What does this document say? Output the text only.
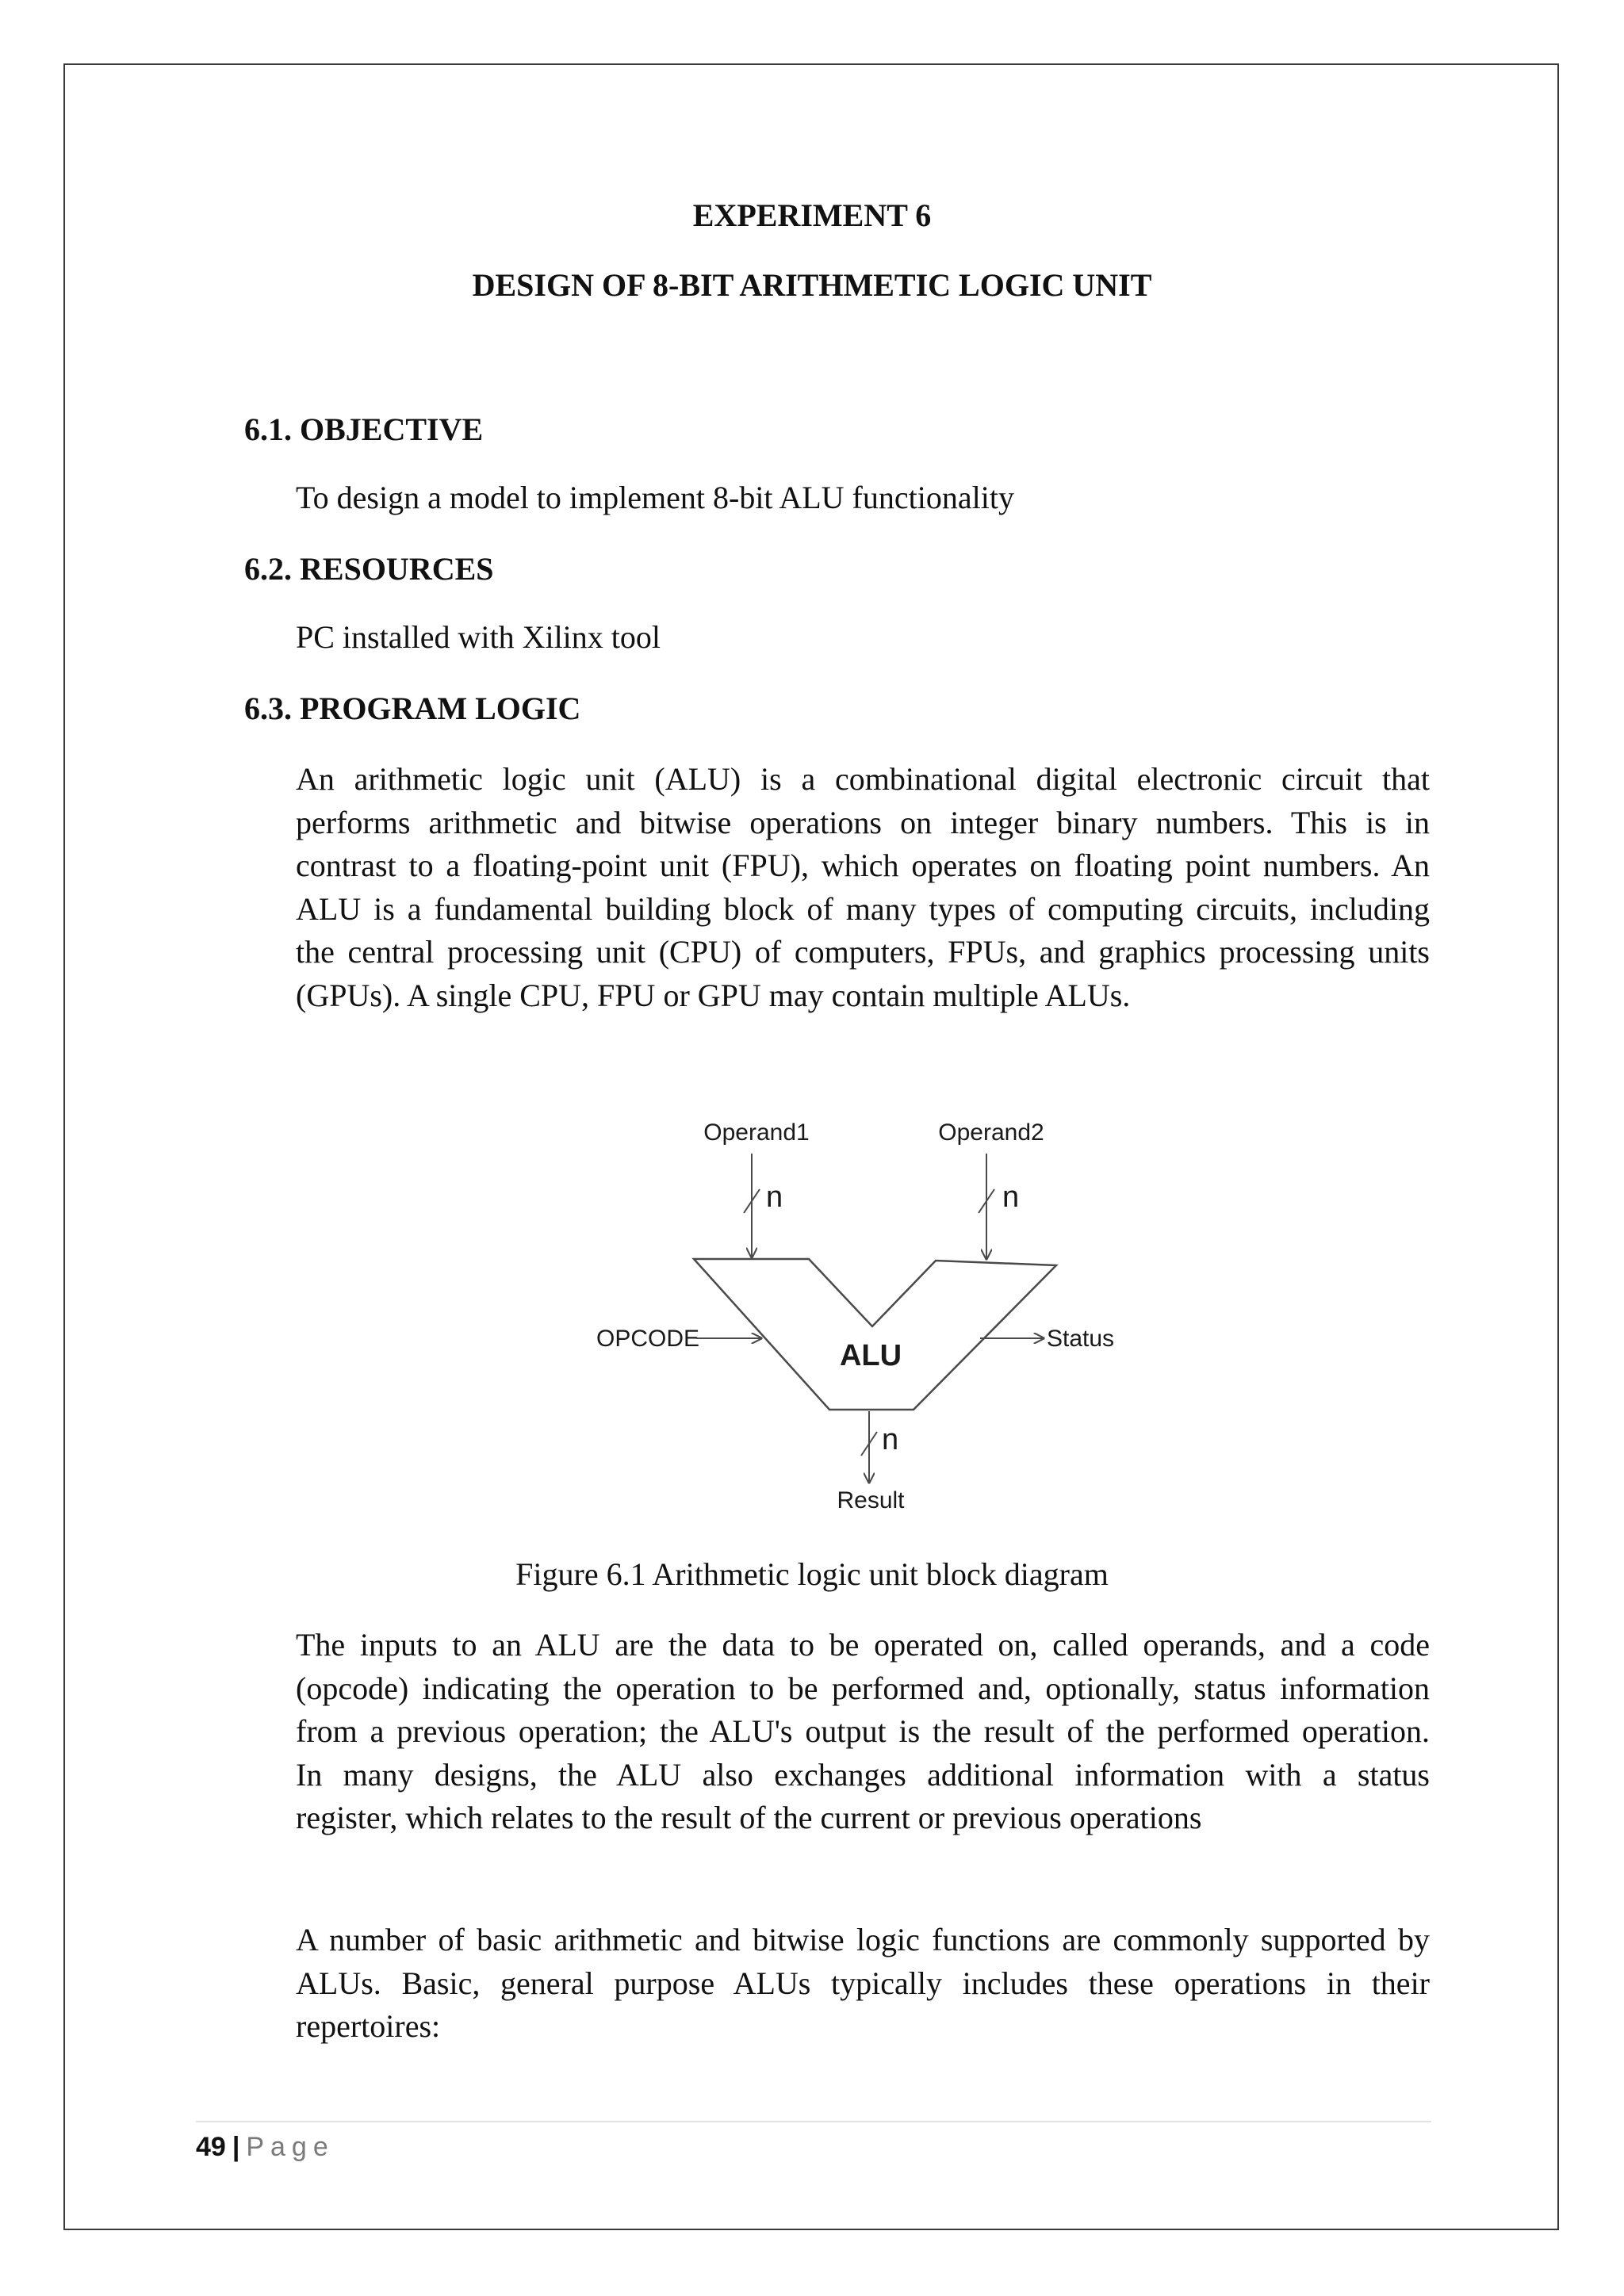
EXPERIMENT 6
DESIGN OF 8-BIT ARITHMETIC LOGIC UNIT
6.1. OBJECTIVE
To design a model to implement 8-bit ALU functionality
6.2. RESOURCES
PC installed with Xilinx tool
6.3. PROGRAM LOGIC
An arithmetic logic unit (ALU) is a combinational digital electronic circuit that
performs arithmetic and bitwise operations on integer binary numbers. This is in
contrast to a floating-point unit (FPU), which operates on floating point numbers. An
ALU is a fundamental building block of many types of computing circuits, including
the central processing unit (CPU) of computers, FPUs, and graphics processing units
(GPUs). A single CPU, FPU or GPU may contain multiple ALUs.
Operand1
n
Operand2
n
OPCODE
ALU
Status
n
Result
Figure 6.1 Arithmetic logic unit block diagram
The inputs to an ALU are the data to be operated on, called operands, and a code
(opcode) indicating the operation to be performed and, optionally, status information
from a previous operation; the ALU's output is the result of the performed operation.
In many designs, the ALU also exchanges additional information with a status
register, which relates to the result of the current or previous operations
A number of basic arithmetic and bitwise logic functions are commonly supported by
ALUs. Basic, general purpose ALUs typically includes these operations in their
repertoires:
49 | Page
